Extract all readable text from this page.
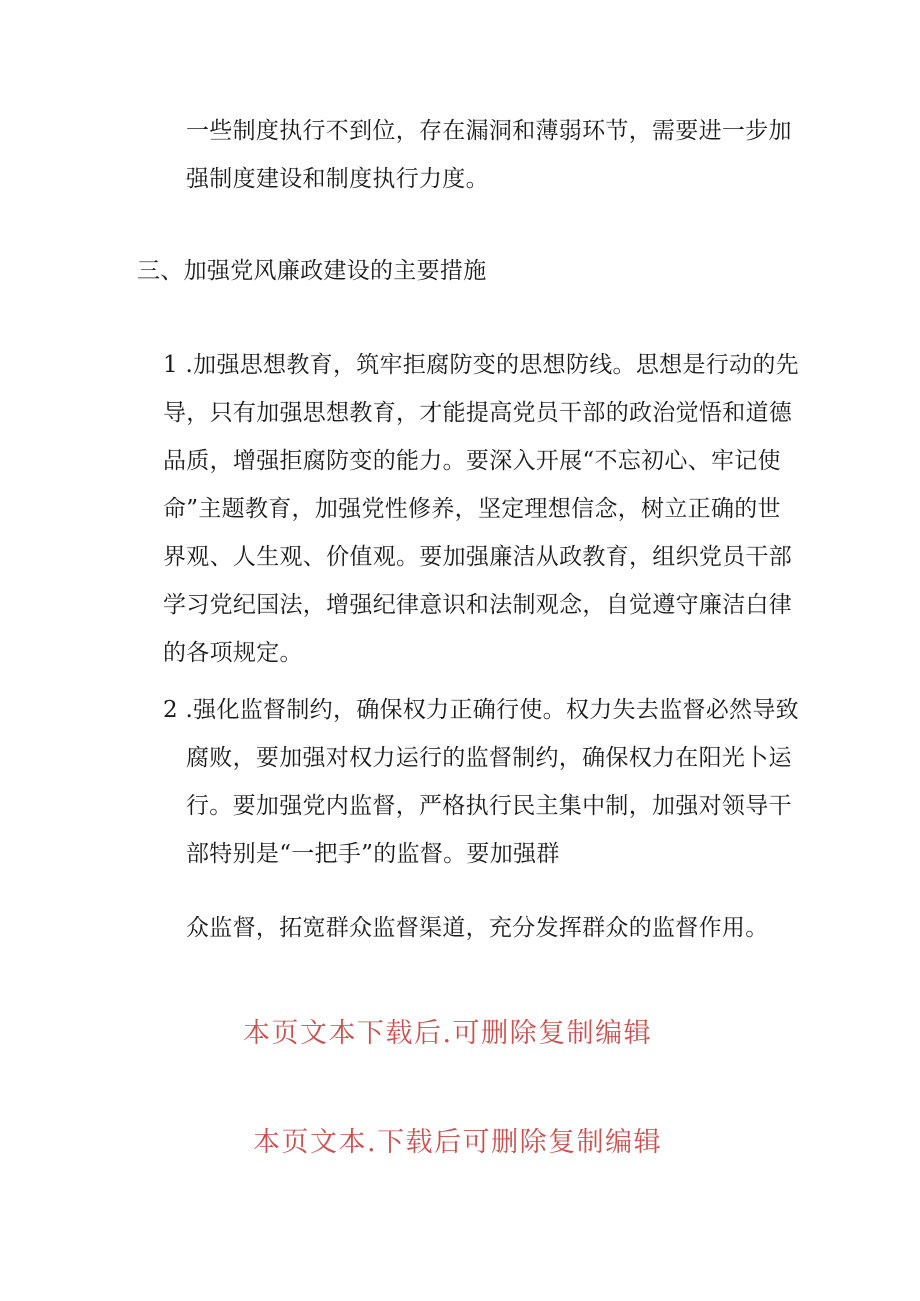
一些制度执行不到位，存在漏洞和薄弱环节，需要进一步加
强制度建设和制度执行力度。
三、加强党风廉政建设的主要措施
1 .加强思想教育，筑牢拒腐防变的思想防线。思想是行动的先
导，只有加强思想教育，才能提高党员干部的政治觉悟和道德
品质，增强拒腐防变的能力。要深入开展“不忘初心、牢记使
命”主题教育，加强党性修养，坚定理想信念，树立正确的世
界观、人生观、价值观。要加强廉洁从政教育，组织党员干部
学习党纪国法，增强纪律意识和法制观念，自觉遵守廉洁白律
的各项规定。
2 .强化监督制约，确保权力正确行使。权力失去监督必然导致
腐败，要加强对权力运行的监督制约，确保权力在阳光卜运
行。要加强党内监督，严格执行民主集中制，加强对领导干
部特别是“一把手”的监督。要加强群
众监督，拓宽群众监督渠道，充分发挥群众的监督作用。
本页文本下载后.可删除复制编辑
本页文本.下载后可删除复制编辑
